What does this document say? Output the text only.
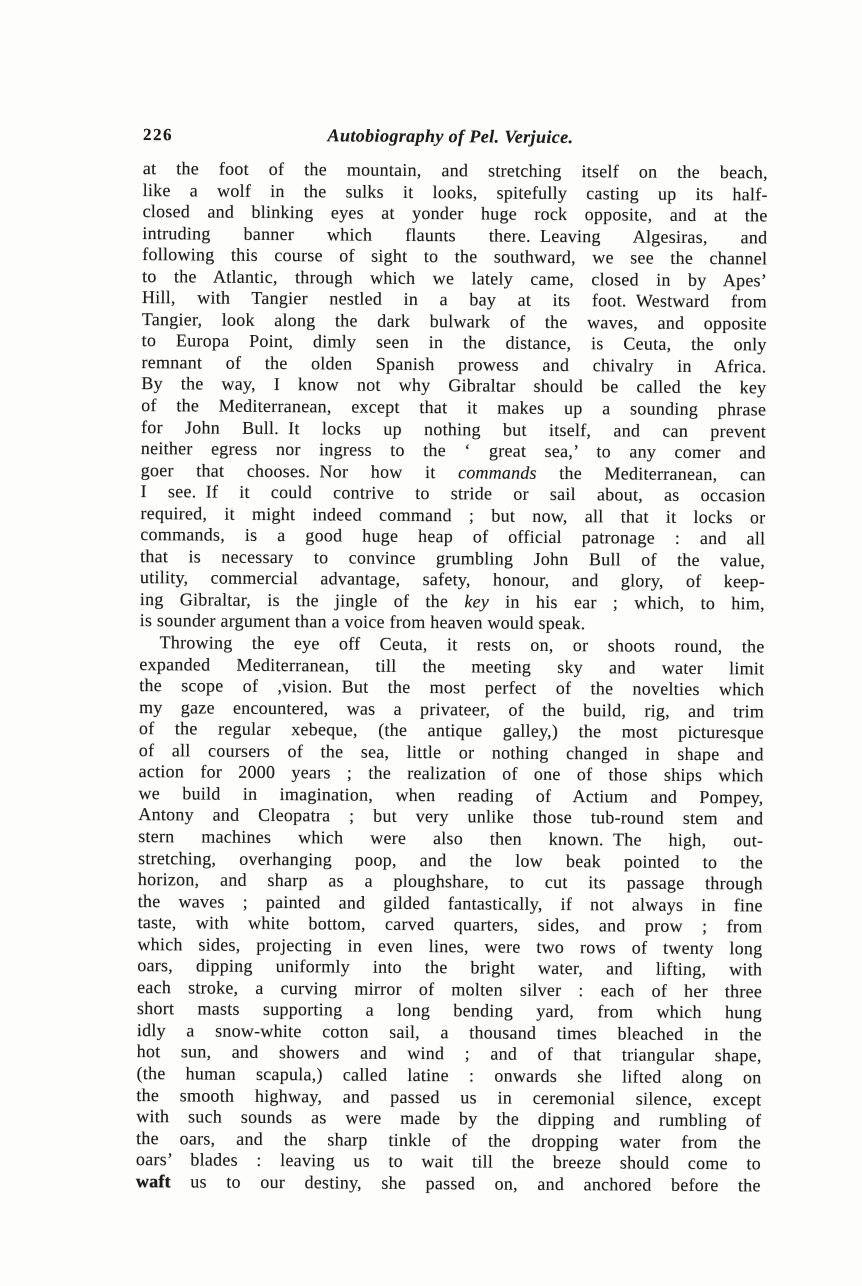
226	Autobiography of Pel. Verjuice.
at the foot of the mountain, and stretching itself on the beach,
like a wolf in the sulks it looks, spitefully casting up its half-
closed and blinking eyes at yonder huge rock opposite, and at the
intruding banner which flaunts there. Leaving Algesiras, and
following this course of sight to the southward, we see the channel
to the Atlantic, through which we lately came, closed in by Apes’
Hill, with Tangier nestled in a bay at its foot. Westward from
Tangier, look along the dark bulwark of the waves, and opposite
to Europa Point, dimly seen in the distance, is Ceuta, the only
remnant of the olden Spanish prowess and chivalry in Africa.
By the way, I know not why Gibraltar should be called the key
of the Mediterranean, except that it makes up a sounding phrase
for John Bull. It locks up nothing but itself, and can prevent
neither egress nor ingress to the ‘ great sea,’ to any comer and
goer that chooses. Nor how it commands the Mediterranean, can
I see. If it could contrive to stride or sail about, as occasion
required, it might indeed command ; but now, all that it locks or
commands, is a good huge heap of official patronage : and all
that is necessary to convince grumbling John Bull of the value,
utility, commercial advantage, safety, honour, and glory, of keep-
ing Gibraltar, is the jingle of the key in his ear ; which, to him,
is sounder argument than a voice from heaven would speak.
Throwing the eye off Ceuta, it rests on, or shoots round, the
expanded Mediterranean, till the meeting sky and water limit
the scope of ,vision. But the most perfect of the novelties which
my gaze encountered, was a privateer, of the build, rig, and trim
of the regular xebeque, (the antique galley,) the most picturesque
of all coursers of the sea, little or nothing changed in shape and
action for 2000 years ; the realization of one of those ships which
we build in imagination, when reading of Actium and Pompey,
Antony and Cleopatra ; but very unlike those tub-round stem and
stern machines which were also then known. The high, out-
stretching, overhanging poop, and the low beak pointed to the
horizon, and sharp as a ploughshare, to cut its passage through
the waves ; painted and gilded fantastically, if not always in fine
taste, with white bottom, carved quarters, sides, and prow ; from
which sides, projecting in even lines, were two rows of twenty long
oars, dipping uniformly into the bright water, and lifting, with
each stroke, a curving mirror of molten silver : each of her three
short masts supporting a long bending yard, from which hung
idly a snow-white cotton sail, a thousand times bleached in the
hot sun, and showers and wind ; and of that triangular shape,
(the human scapula,) called latine : onwards she lifted along on
the smooth highway, and passed us in ceremonial silence, except
with such sounds as were made by the dipping and rumbling of
the oars, and the sharp tinkle of the dropping water from the
oars’ blades : leaving us to wait till the breeze should come to
waft us to our destiny, she passed on, and anchored before the
